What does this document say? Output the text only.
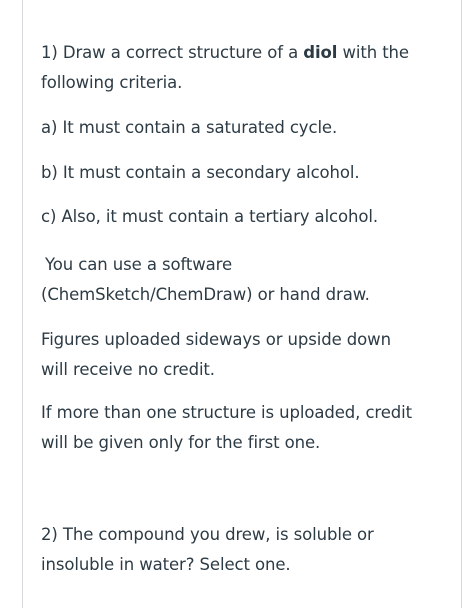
1) Draw a correct structure of a diol with the
following criteria.

a) It must contain a saturated cycle.

b) It must contain a secondary alcohol.

c) Also, it must contain a tertiary alcohol.

You can use a software
(ChemSketch/ChemDraw) or hand draw.

Figures uploaded sideways or upside down
will receive no credit.

If more than one structure is uploaded, credit
will be given only for the first one.

2) The compound you drew, is soluble or
insoluble in water? Select one.
